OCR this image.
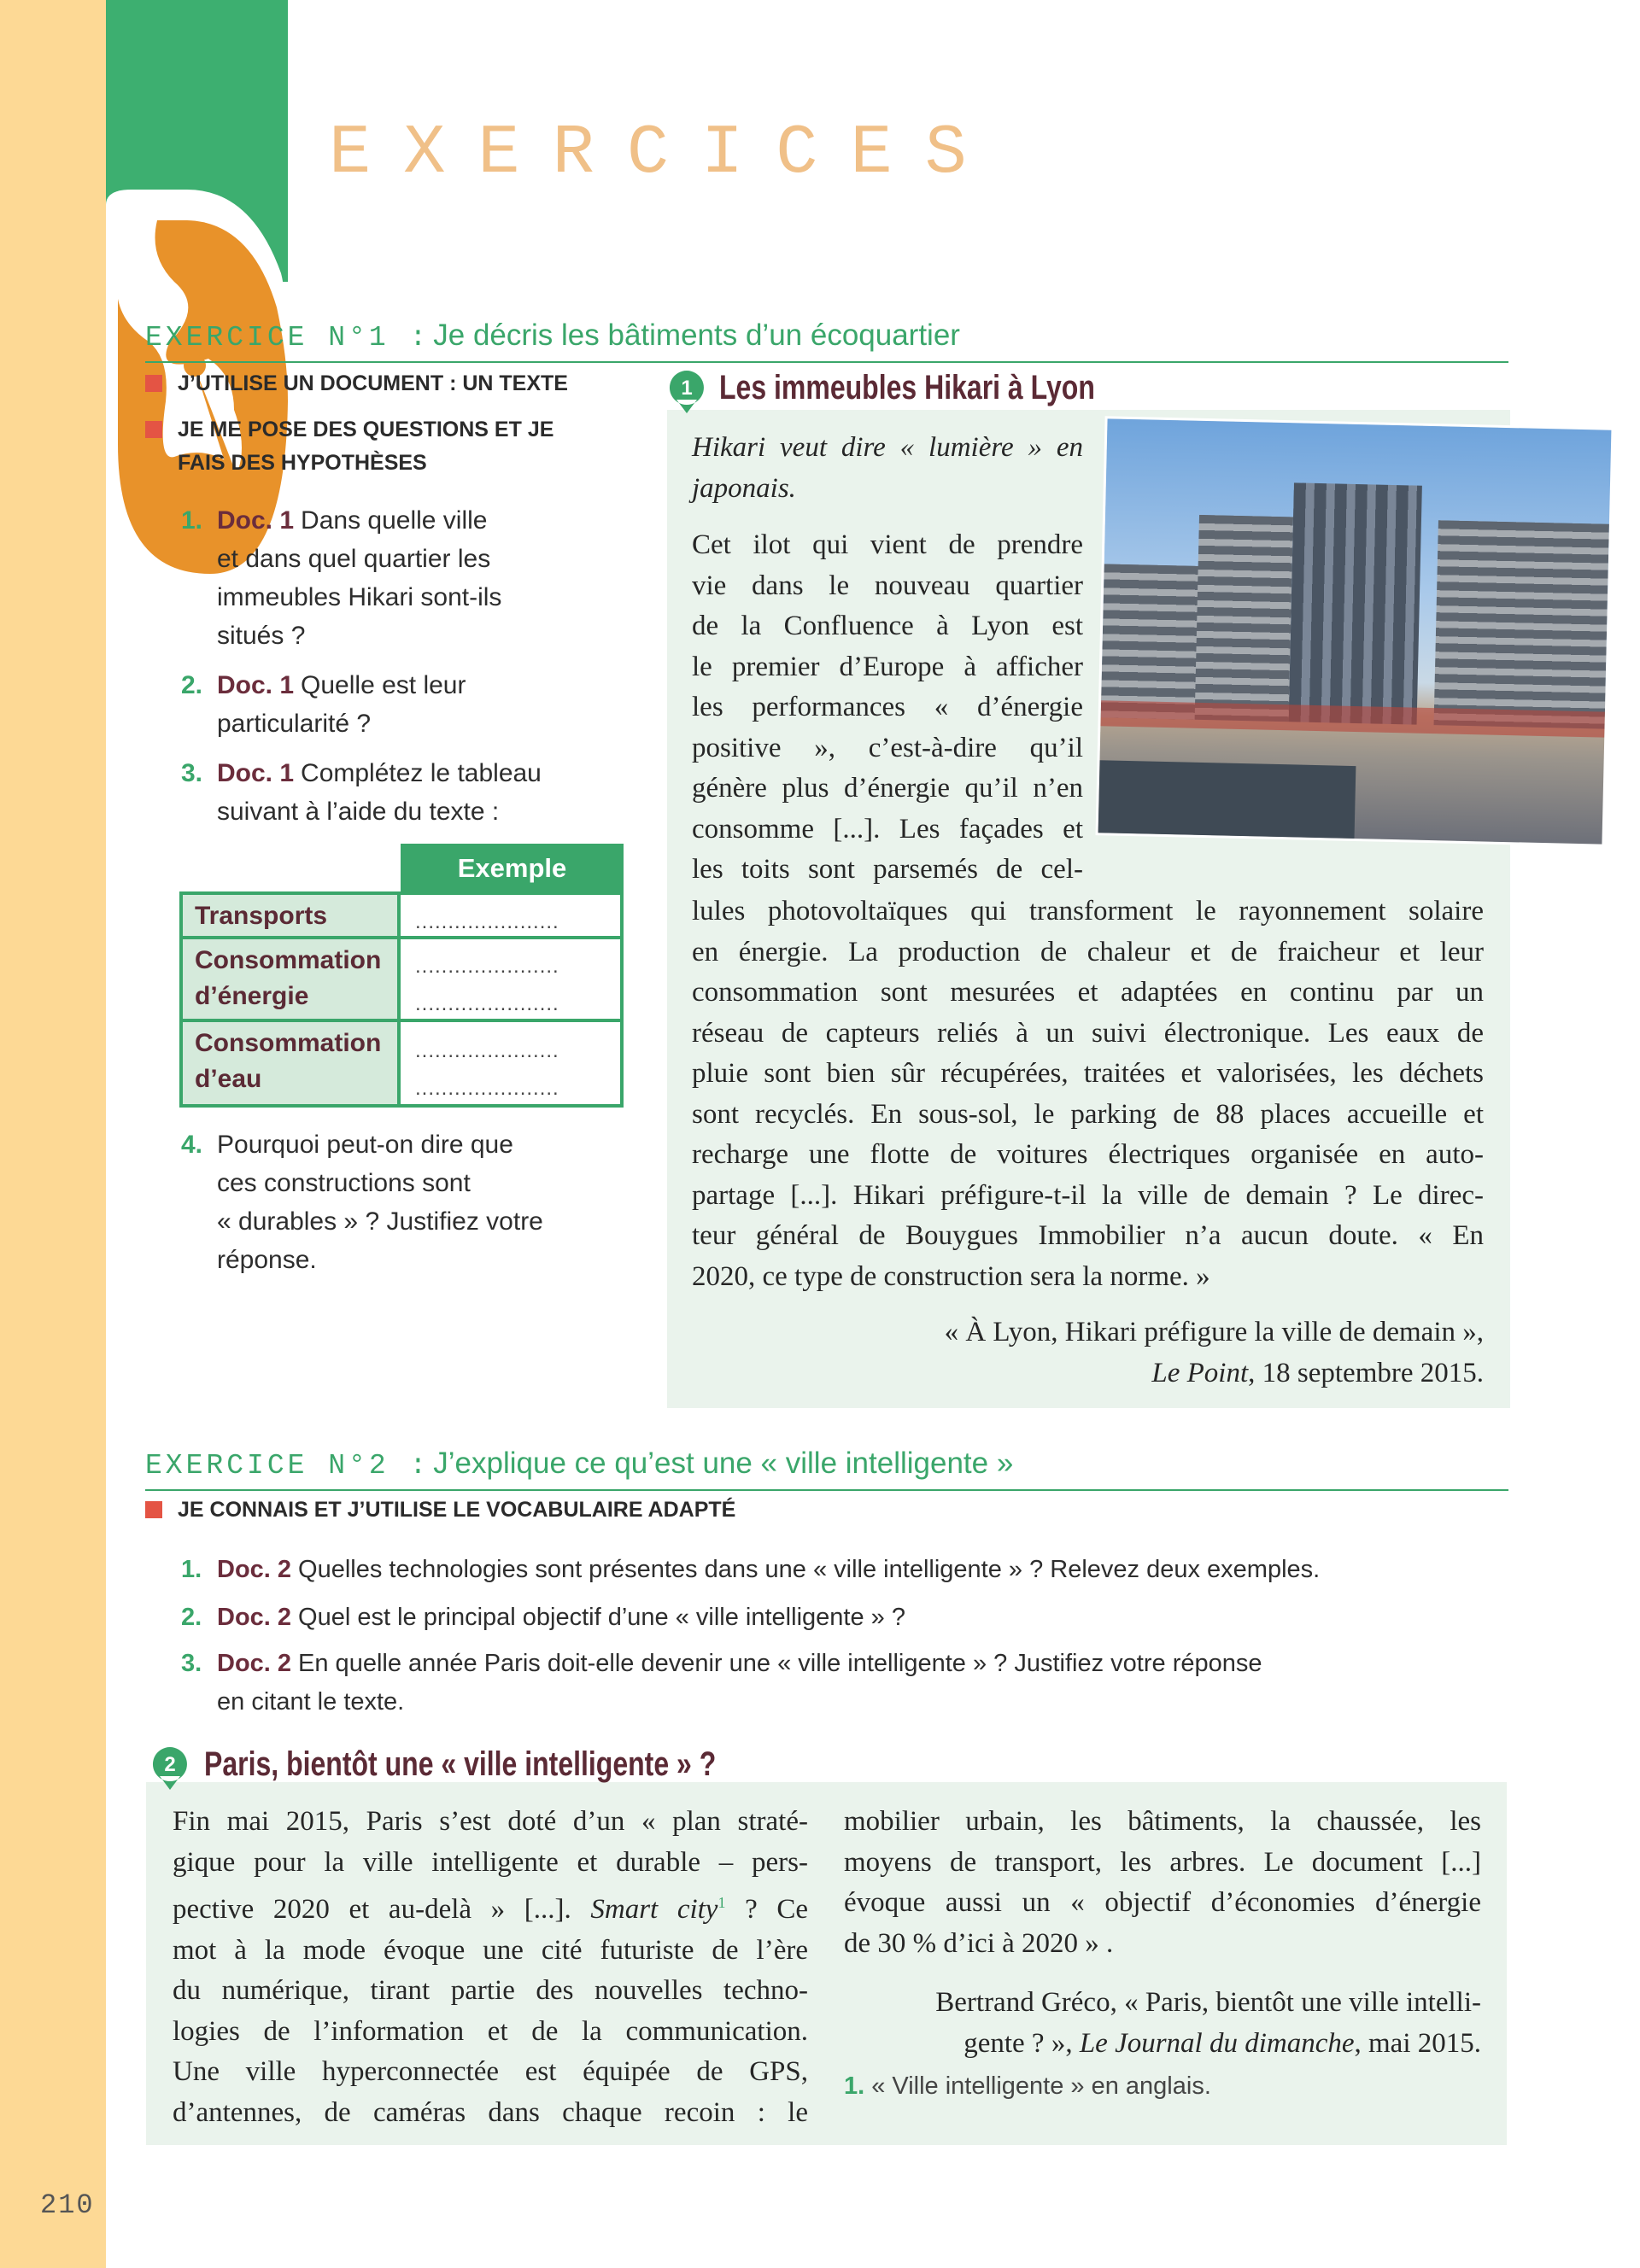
EXERCICES
EXERCICE N°1 : Je décris les bâtiments d’un écoquartier
J’UTILISE UN DOCUMENT : UN TEXTE
JE ME POSE DES QUESTIONS ET JE
FAIS DES HYPOTHÈSES
1. Doc. 1 Dans quelle ville
et dans quel quartier les
immeubles Hikari sont-ils
situés ?
2. Doc. 1 Quelle est leur
particularité ?
3. Doc. 1 Complétez le tableau
suivant à l’aide du texte :
Exemple
Transports	......................
Consommation
d’énergie
......................
......................
Consommation
d’eau
......................
......................
4. Pourquoi peut-on dire que
ces constructions sont
« durables » ? Justifiez votre
réponse.
1 Les immeubles Hikari à Lyon
Hikari veut dire « lumière » en
japonais.
Cet ilot qui vient de prendre
vie dans le nouveau quartier
de la Confluence à Lyon est
le premier d’Europe à afficher
les performances « d’énergie
positive », c’est-à-dire qu’il
génère plus d’énergie qu’il n’en
consomme [...]. Les façades et
les toits sont parsemés de cel-
lules photovoltaïques qui transforment le rayonnement solaire
en énergie. La production de chaleur et de fraicheur et leur
consommation sont mesurées et adaptées en continu par un
réseau de capteurs reliés à un suivi électronique. Les eaux de
pluie sont bien sûr récupérées, traitées et valorisées, les déchets
sont recyclés. En sous-sol, le parking de 88 places accueille et
recharge une flotte de voitures électriques organisée en auto-
partage [...]. Hikari préfigure-t-il la ville de demain ? Le direc-
teur général de Bouygues Immobilier n’a aucun doute. « En
2020, ce type de construction sera la norme. »
« À Lyon, Hikari préfigure la ville de demain »,
Le Point, 18 septembre 2015.
EXERCICE N°2 : J’explique ce qu’est une « ville intelligente »
JE CONNAIS ET J’UTILISE LE VOCABULAIRE ADAPTÉ
1. Doc. 2 Quelles technologies sont présentes dans une « ville intelligente » ? Relevez deux exemples.
2. Doc. 2 Quel est le principal objectif d’une « ville intelligente » ?
3. Doc. 2 En quelle année Paris doit-elle devenir une « ville intelligente » ? Justifiez votre réponse
en citant le texte.
2 Paris, bientôt une « ville intelligente » ?
Fin mai 2015, Paris s’est doté d’un « plan straté-
gique pour la ville intelligente et durable – pers-
pective 2020 et au-delà » [...]. Smart city$^1$ ? Ce
mot à la mode évoque une cité futuriste de l’ère
du numérique, tirant partie des nouvelles techno-
logies de l’information et de la communication.
Une ville hyperconnectée est équipée de GPS,
d’antennes, de caméras dans chaque recoin : le
mobilier urbain, les bâtiments, la chaussée, les
moyens de transport, les arbres. Le document [...]
évoque aussi un « objectif d’économies d’énergie
de 30 % d’ici à 2020 » .
Bertrand Gréco, « Paris, bientôt une ville intelli-
gente ? », Le Journal du dimanche, mai 2015.
1. « Ville intelligente » en anglais.
210
